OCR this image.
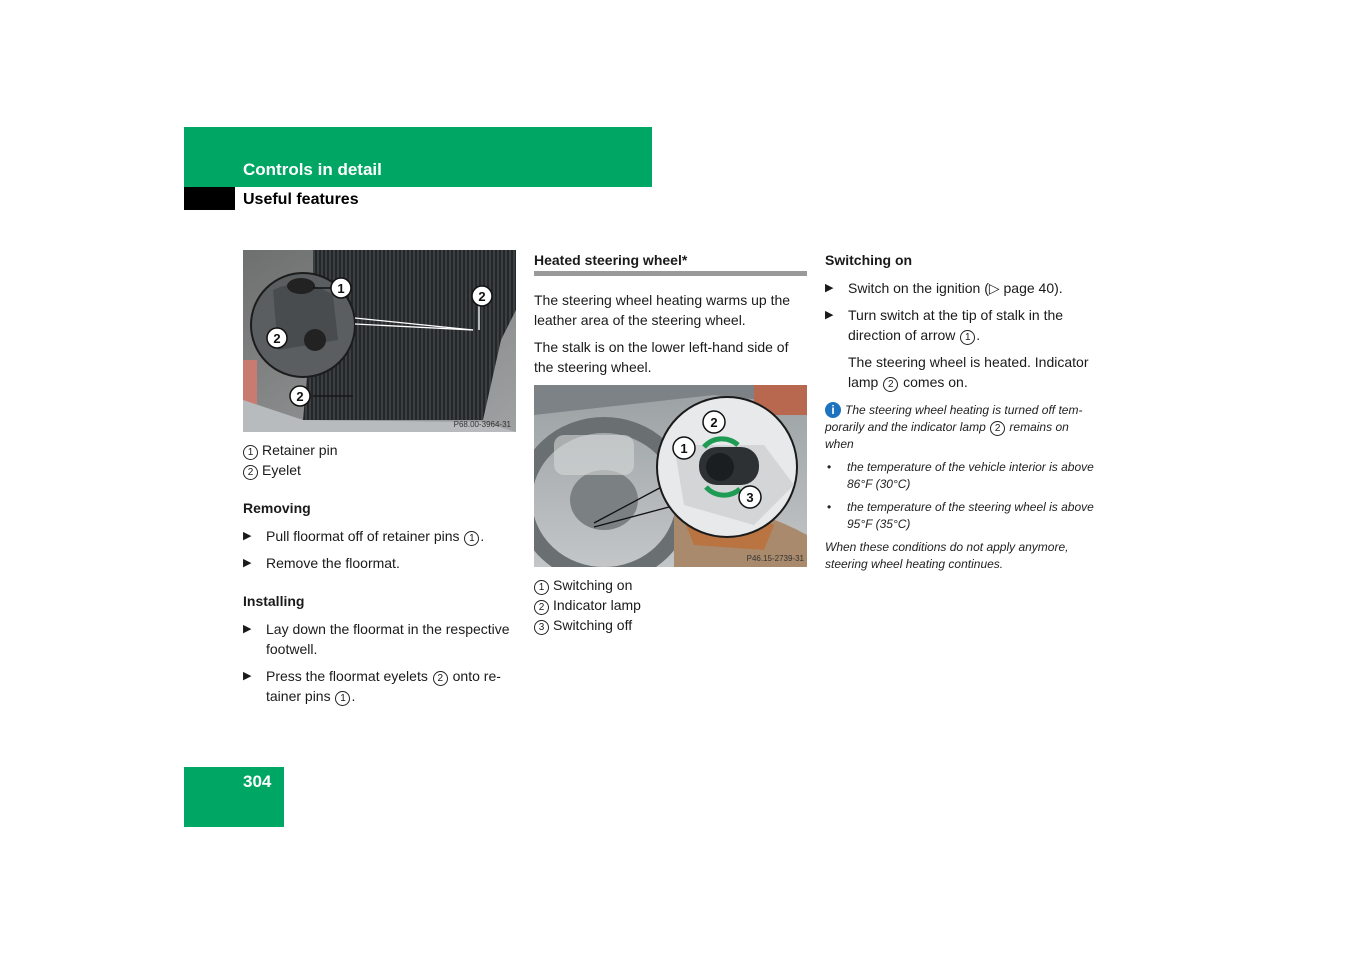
Controls in detail
Useful features
1
2
2
2
P68.00-3964-31
1 Retainer pin
2 Eyelet

Removing

▶ Pull floormat off of retainer pins 1 .

▶ Remove the floormat.

Installing

▶ Lay down the floormat in the respective footwell.

▶ Press the floormat eyelets 2 onto re-tainer pins 1 .

Heated steering wheel*

The steering wheel heating warms up the leather area of the steering wheel.

The stalk is on the lower left-hand side of the steering wheel.

1
2
3
P46.15-2739-31
1 Switching on
2 Indicator lamp
3 Switching off

Switching on

▶ Switch on the ignition (▷ page 40).

▶ Turn switch at the tip of stalk in the direction of arrow 1 .

The steering wheel is heated. Indicator lamp 2 comes on.

i The steering wheel heating is turned off tem-porarily and the indicator lamp 2 remains on when

• the temperature of the vehicle interior is above 86°F (30°C)

• the temperature of the steering wheel is above 95°F (35°C)

When these conditions do not apply anymore, steering wheel heating continues.

304
